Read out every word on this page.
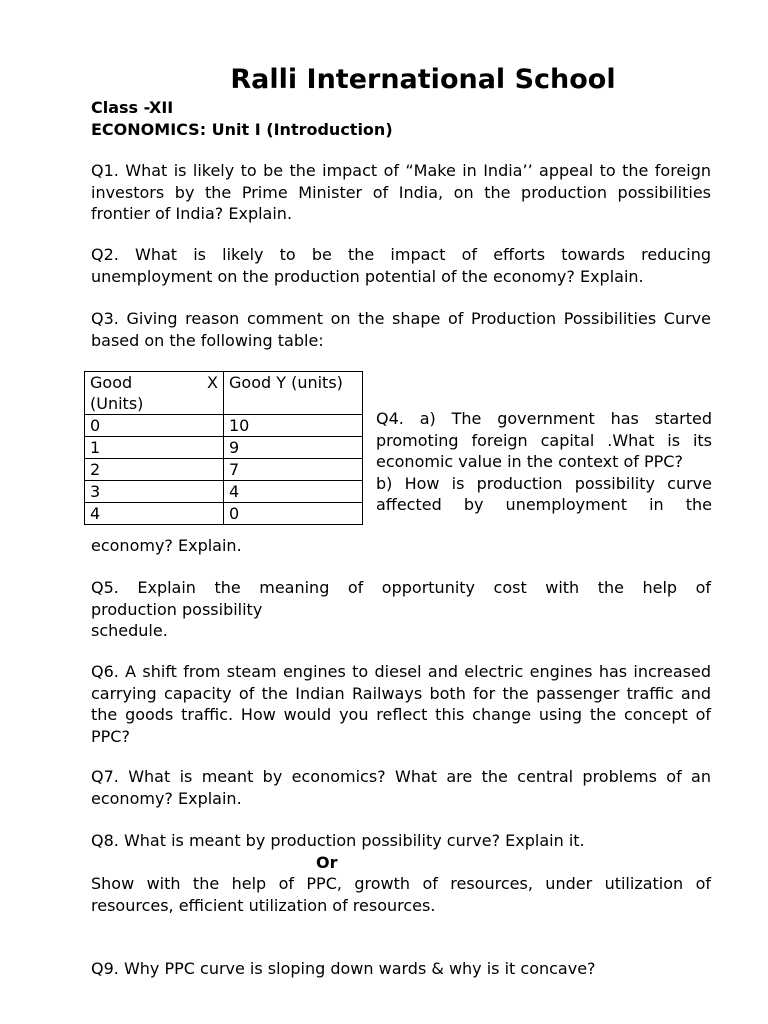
Ralli International School
Class -XII
ECONOMICS: Unit I (Introduction)

Q1. What is likely to be the impact of “Make in India’’ appeal to the foreign investors by the Prime Minister of India, on the production possibilities frontier of India? Explain.

Q2. What is likely to be the impact of efforts towards reducing unemployment on the production potential of the economy? Explain.

Q3. Giving reason comment on the shape of Production Possibilities Curve based on the following table:

Good X
(Units)	Good Y (units)
0	10
1	9
2	7
3	4
4	0

Q4. a) The government has started promoting foreign capital .What is its economic value in the context of PPC?

b) How is production possibility curve affected by unemployment in the

economy? Explain.

Q5. Explain the meaning of opportunity cost with the help of

production possibility
schedule.

Q6. A shift from steam engines to diesel and electric engines has increased carrying capacity of the Indian Railways both for the passenger traffic and the goods traffic. How would you reflect this change using the concept of PPC?

Q7. What is meant by economics? What are the central problems of an economy? Explain.

Q8. What is meant by production possibility curve? Explain it.

Or

Show with the help of PPC, growth of resources, under utilization of resources, efficient utilization of resources.

Q9. Why PPC curve is sloping down wards & why is it concave?
